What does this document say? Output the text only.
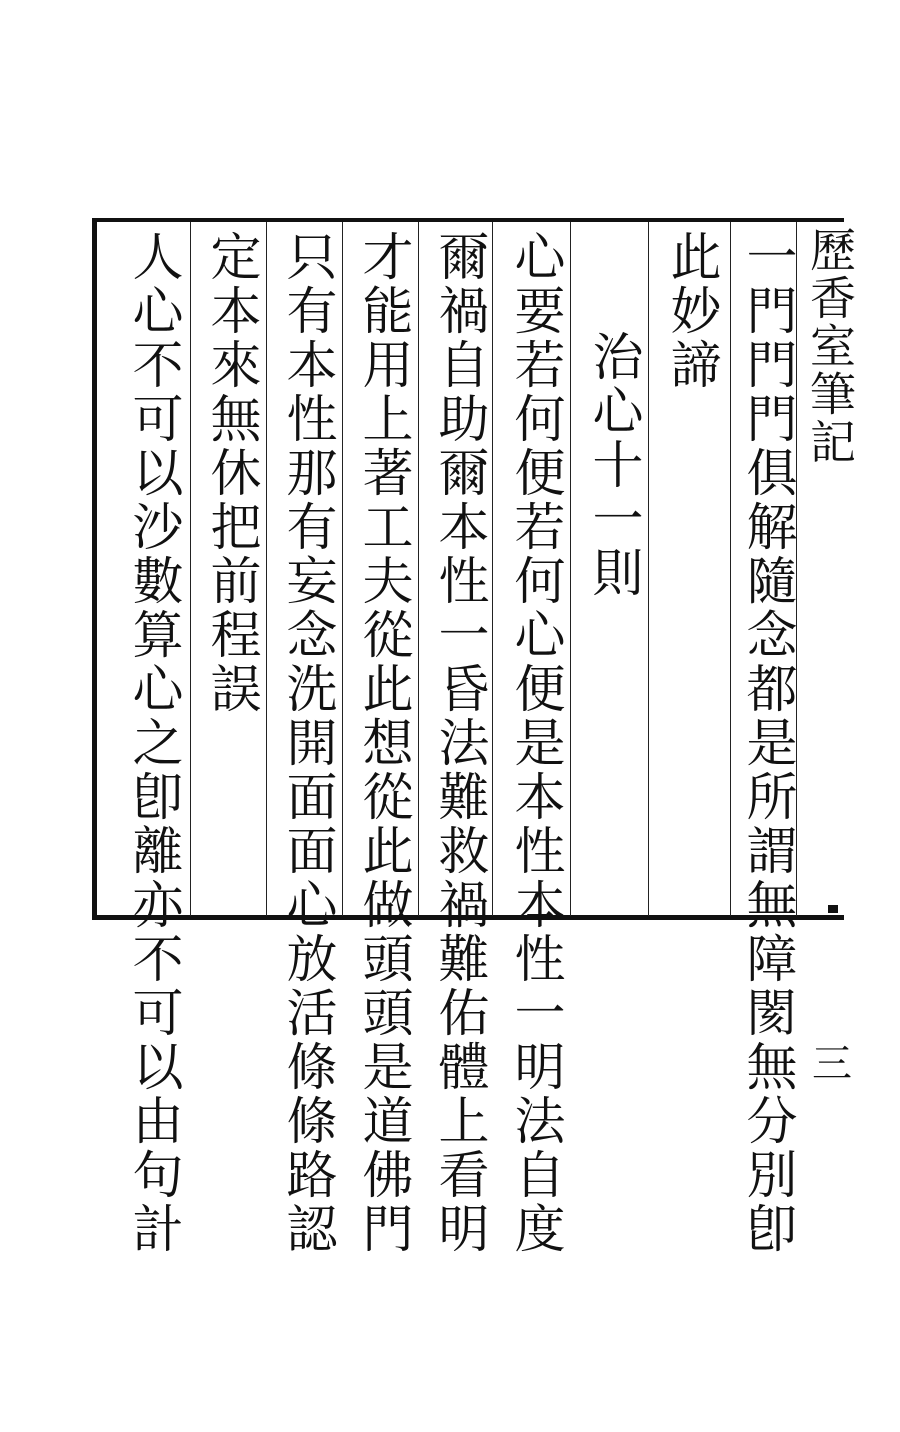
歷香室筆記
一門門門俱解隨念都是所謂無障閡無分別卽
此妙諦
治心十一則
心要若何便若何心便是本性本性一明法自度
爾禍自助爾本性一昏法難救禍難佑體上看明
才能用上著工夫從此想從此做頭頭是道佛門
只有本性那有妄念洗開面面心放活條條路認
定本來無休把前程誤
人心不可以沙數算心之卽離亦不可以由句計	三
